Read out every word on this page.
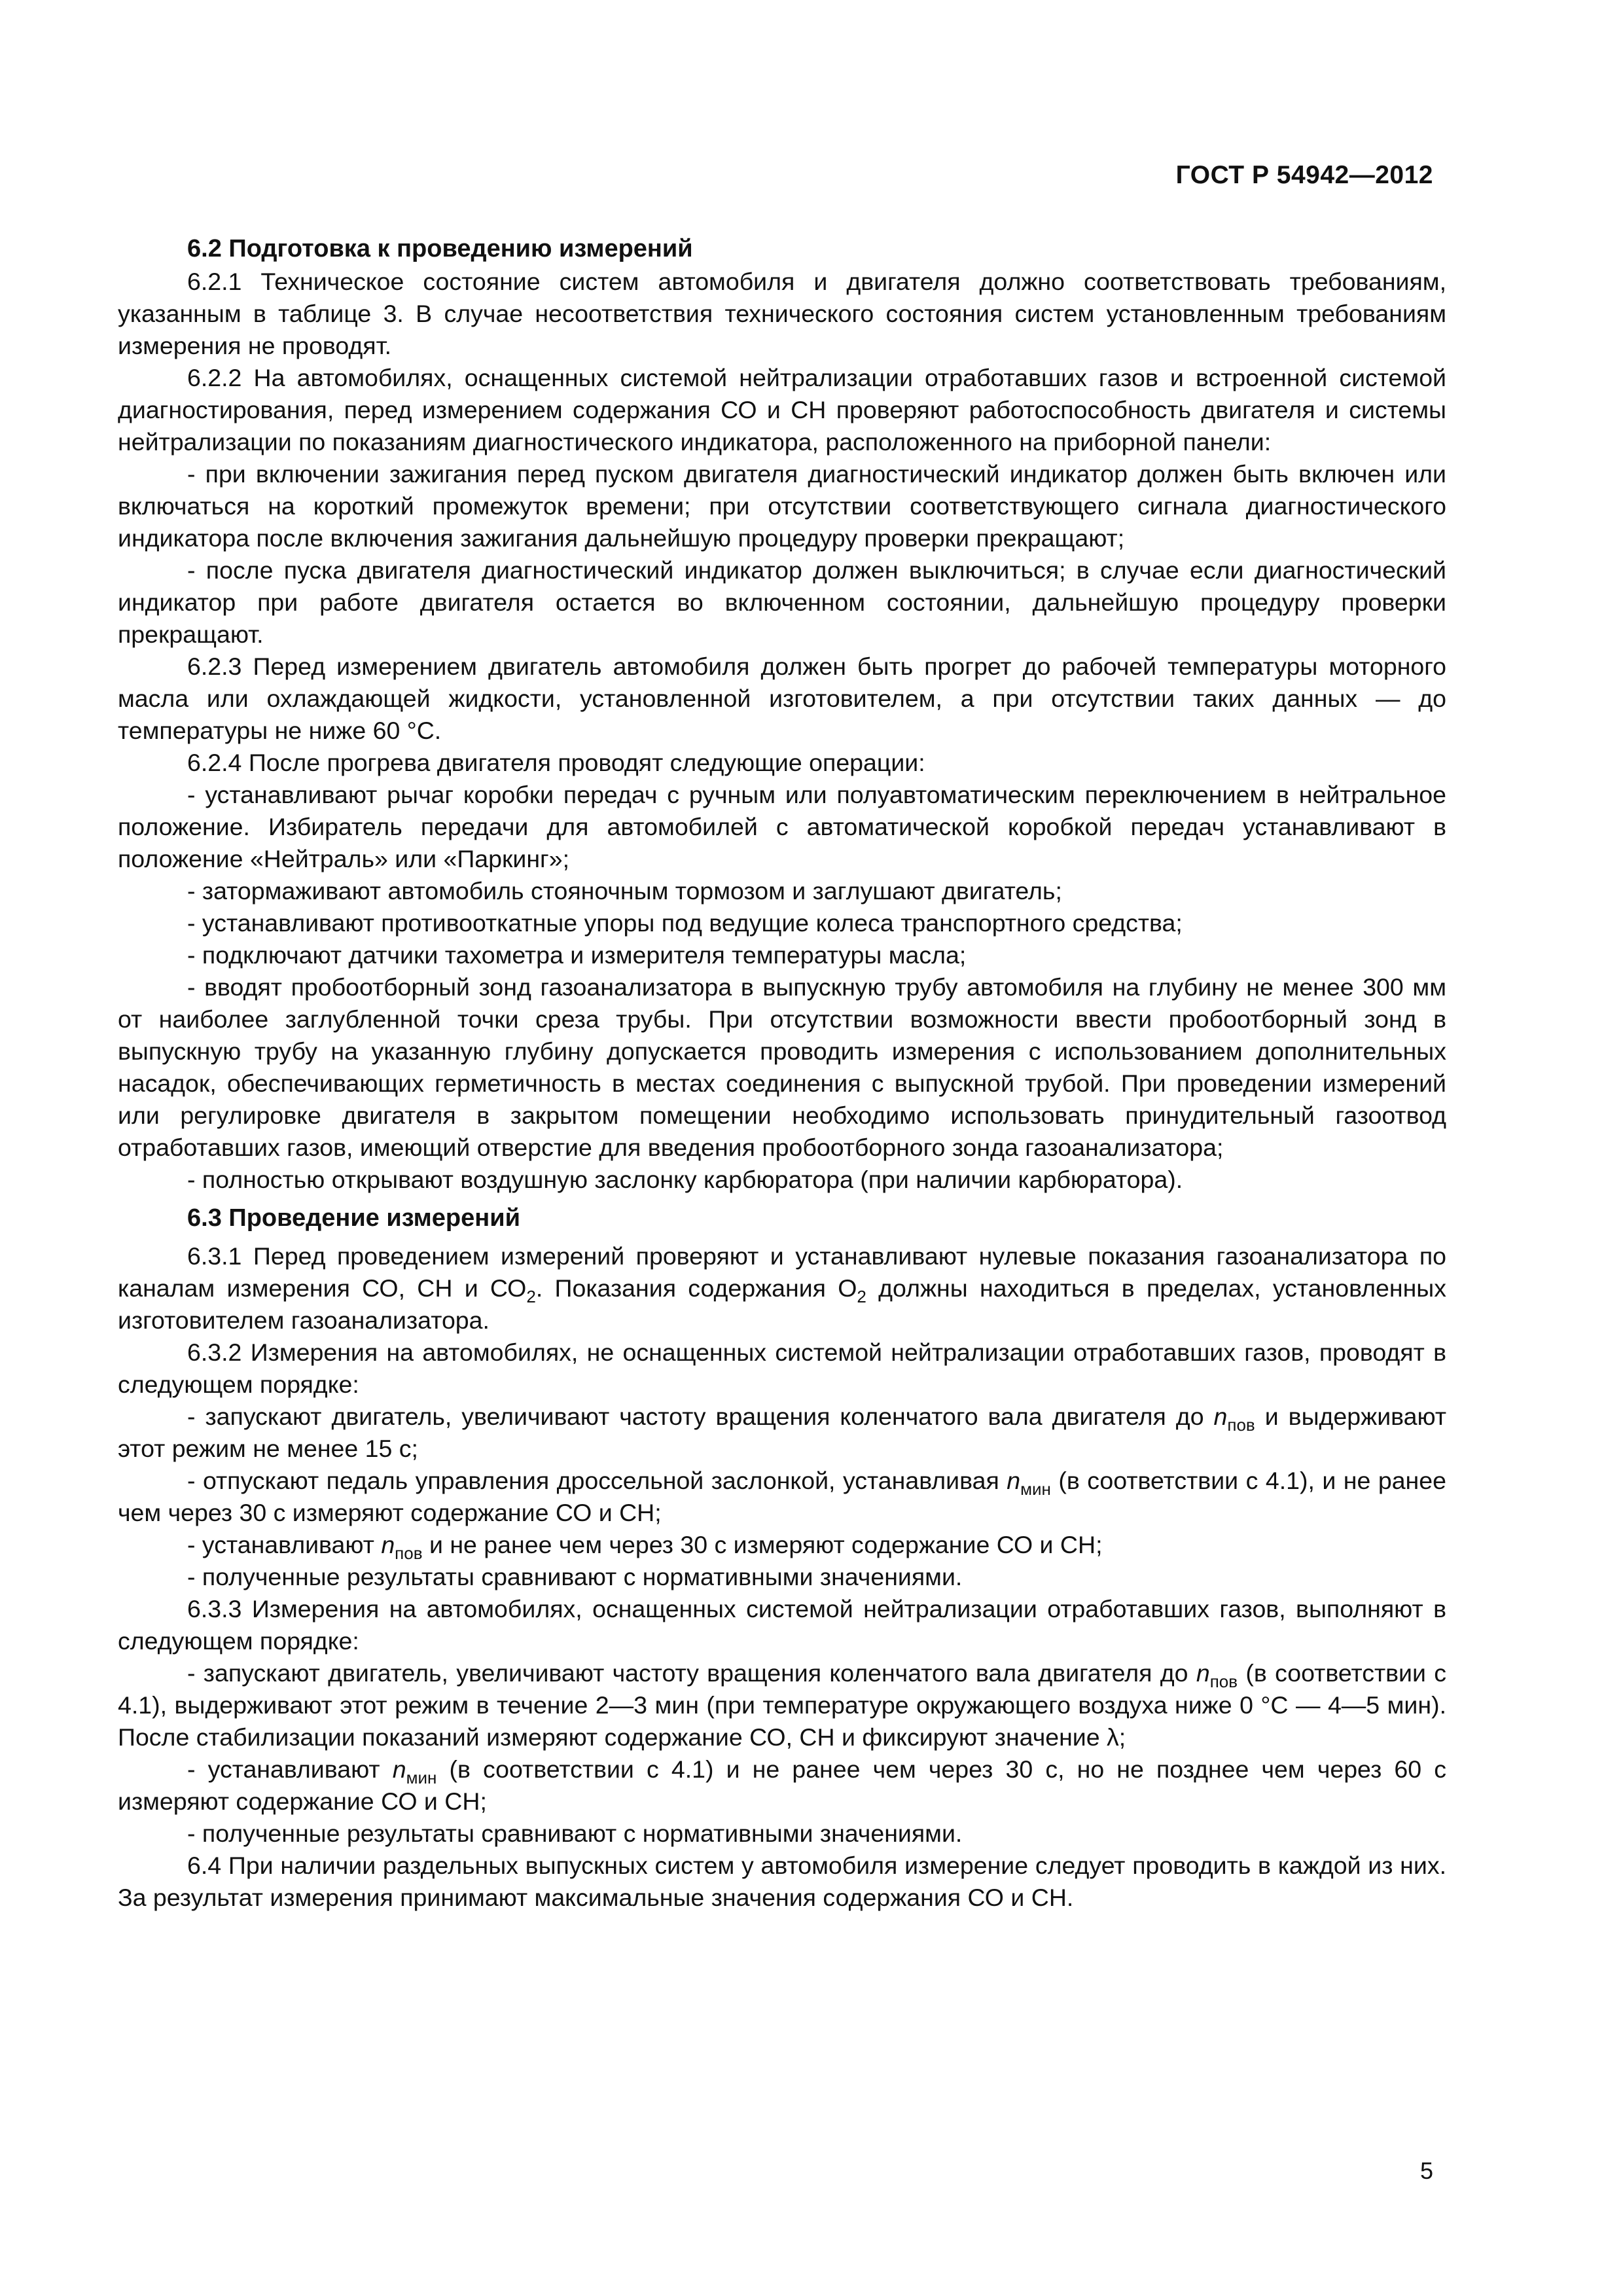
ГОСТ Р 54942—2012
6.2 Подготовка к проведению измерений

6.2.1 Техническое состояние систем автомобиля и двигателя должно соответствовать требованиям, указанным в таблице 3. В случае несоответствия технического состояния систем установленным требованиям измерения не проводят.

6.2.2 На автомобилях, оснащенных системой нейтрализации отработавших газов и встроенной системой диагностирования, перед измерением содержания СО и СН проверяют работоспособность двигателя и системы нейтрализации по показаниям диагностического индикатора, расположенного на приборной панели:

- при включении зажигания перед пуском двигателя диагностический индикатор должен быть включен или включаться на короткий промежуток времени; при отсутствии соответствующего сигнала диагностического индикатора после включения зажигания дальнейшую процедуру проверки прекращают;

- после пуска двигателя диагностический индикатор должен выключиться; в случае если диагностический индикатор при работе двигателя остается во включенном состоянии, дальнейшую процедуру проверки прекращают.

6.2.3 Перед измерением двигатель автомобиля должен быть прогрет до рабочей температуры моторного масла или охлаждающей жидкости, установленной изготовителем, а при отсутствии таких данных — до температуры не ниже 60 °С.

6.2.4 После прогрева двигателя проводят следующие операции:

- устанавливают рычаг коробки передач с ручным или полуавтоматическим переключением в нейтральное положение. Избиратель передачи для автомобилей с автоматической коробкой передач устанавливают в положение «Нейтраль» или «Паркинг»;

- затормаживают автомобиль стояночным тормозом и заглушают двигатель;

- устанавливают противооткатные упоры под ведущие колеса транспортного средства;

- подключают датчики тахометра и измерителя температуры масла;

- вводят пробоотборный зонд газоанализатора в выпускную трубу автомобиля на глубину не менее 300 мм от наиболее заглубленной точки среза трубы. При отсутствии возможности ввести пробоотборный зонд в выпускную трубу на указанную глубину допускается проводить измерения с использованием дополнительных насадок, обеспечивающих герметичность в местах соединения с выпускной трубой. При проведении измерений или регулировке двигателя в закрытом помещении необходимо использовать принудительный газоотвод отработавших газов, имеющий отверстие для введения пробоотборного зонда газоанализатора;

- полностью открывают воздушную заслонку карбюратора (при наличии карбюратора).

6.3 Проведение измерений

6.3.1 Перед проведением измерений проверяют и устанавливают нулевые показания газоанализатора по каналам измерения СО, СН и $СО_2$. Показания содержания $О_2$ должны находиться в пределах, установленных изготовителем газоанализатора.

6.3.2 Измерения на автомобилях, не оснащенных системой нейтрализации отработавших газов, проводят в следующем порядке:

- запускают двигатель, увеличивают частоту вращения коленчатого вала двигателя до $n_{пов}$ и выдерживают этот режим не менее 15 с;

- отпускают педаль управления дроссельной заслонкой, устанавливая $n_{мин}$ (в соответствии с 4.1), и не ранее чем через 30 с измеряют содержание СО и СН;

- устанавливают $n_{пов}$ и не ранее чем через 30 с измеряют содержание СО и СН;

- полученные результаты сравнивают с нормативными значениями.

6.3.3 Измерения на автомобилях, оснащенных системой нейтрализации отработавших газов, выполняют в следующем порядке:

- запускают двигатель, увеличивают частоту вращения коленчатого вала двигателя до $n_{пов}$ (в соответствии с 4.1), выдерживают этот режим в течение 2—3 мин (при температуре окружающего воздуха ниже 0 °С — 4—5 мин). После стабилизации показаний измеряют содержание СО, СН и фиксируют значение λ;

- устанавливают $n_{мин}$ (в соответствии с 4.1) и не ранее чем через 30 с, но не позднее чем через 60 с измеряют содержание СО и СН;

- полученные результаты сравнивают с нормативными значениями.

6.4 При наличии раздельных выпускных систем у автомобиля измерение следует проводить в каждой из них. За результат измерения принимают максимальные значения содержания СО и СН.

5
